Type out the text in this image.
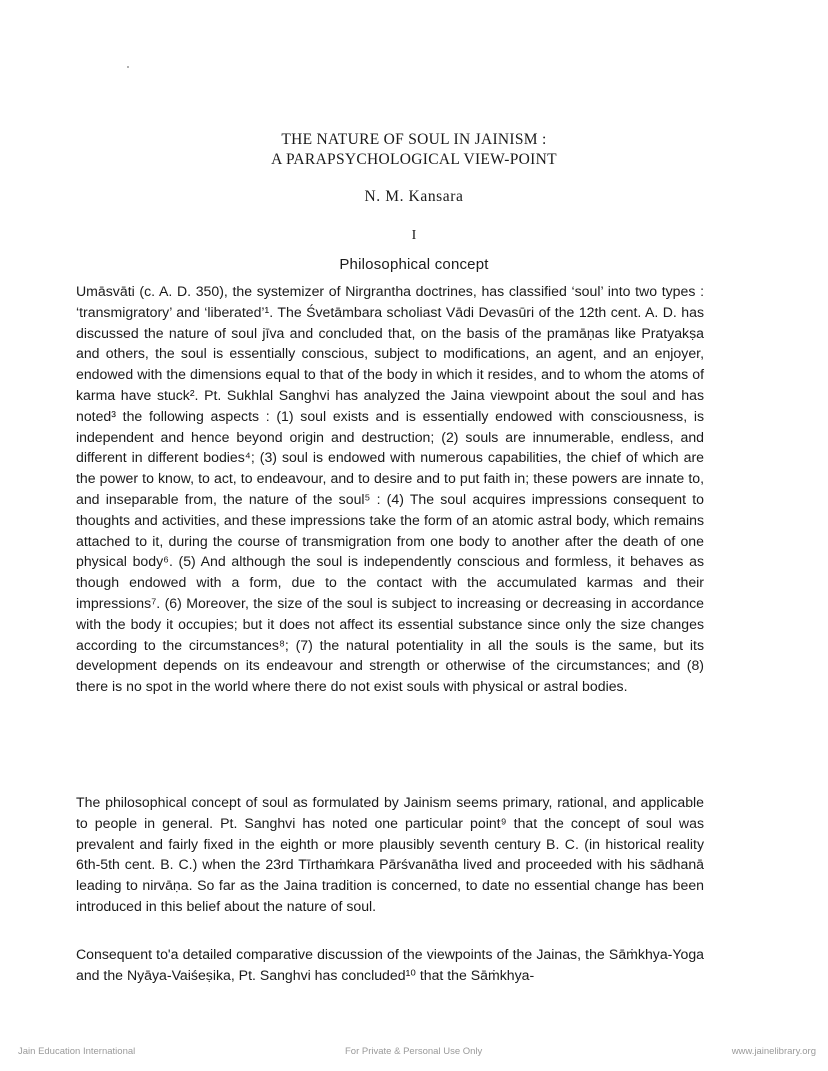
THE NATURE OF SOUL IN JAINISM :
A PARAPSYCHOLOGICAL VIEW-POINT
N. M. Kansara
I
Philosophical concept

Umāsvāti (c. A. D. 350), the systemizer of Nirgrantha doctrines, has classified ‘soul’ into two types : ‘transmigratory’ and ‘liberated’¹. The Śvetāmbara scholiast Vādi Devasūri of the 12th cent. A. D. has discussed the nature of soul jīva and concluded that, on the basis of the pramāṇas like Pratyakṣa and others, the soul is essentially conscious, subject to modifications, an agent, and an enjoyer, endowed with the dimensions equal to that of the body in which it resides, and to whom the atoms of karma have stuck². Pt. Sukhlal Sanghvi has analyzed the Jaina viewpoint about the soul and has noted³ the following aspects : (1) soul exists and is essentially endowed with consciousness, is independent and hence beyond origin and destruction; (2) souls are innumerable, endless, and different in different bodies⁴; (3) soul is endowed with numerous capabilities, the chief of which are the power to know, to act, to endeavour, and to desire and to put faith in; these powers are innate to, and inseparable from, the nature of the soul⁵ : (4) The soul acquires impressions consequent to thoughts and activities, and these impressions take the form of an atomic astral body, which remains attached to it, during the course of transmigration from one body to another after the death of one physical body⁶. (5) And although the soul is independently conscious and formless, it behaves as though endowed with a form, due to the contact with the accumulated karmas and their impressions⁷. (6) Moreover, the size of the soul is subject to increasing or decreasing in accordance with the body it occupies; but it does not affect its essential substance since only the size changes according to the circumstances⁸; (7) the natural potentiality in all the souls is the same, but its development depends on its endeavour and strength or otherwise of the circumstances; and (8) there is no spot in the world where there do not exist souls with physical or astral bodies.

The philosophical concept of soul as formulated by Jainism seems primary, rational, and applicable to people in general. Pt. Sanghvi has noted one particular point⁹ that the concept of soul was prevalent and fairly fixed in the eighth or more plausibly seventh century B. C. (in historical reality 6th-5th cent. B. C.) when the 23rd Tīrthaṁkara Pārśvanātha lived and proceeded with his sādhanā leading to nirvāṇa. So far as the Jaina tradition is concerned, to date no essential change has been introduced in this belief about the nature of soul.

Consequent to'a detailed comparative discussion of the viewpoints of the Jainas, the Sāṁkhya-Yoga and the Nyāya-Vaiśeṣika, Pt. Sanghvi has concluded¹⁰ that the Sāṁkhya-

Jain Education International	For Private & Personal Use Only	www.jainelibrary.org
